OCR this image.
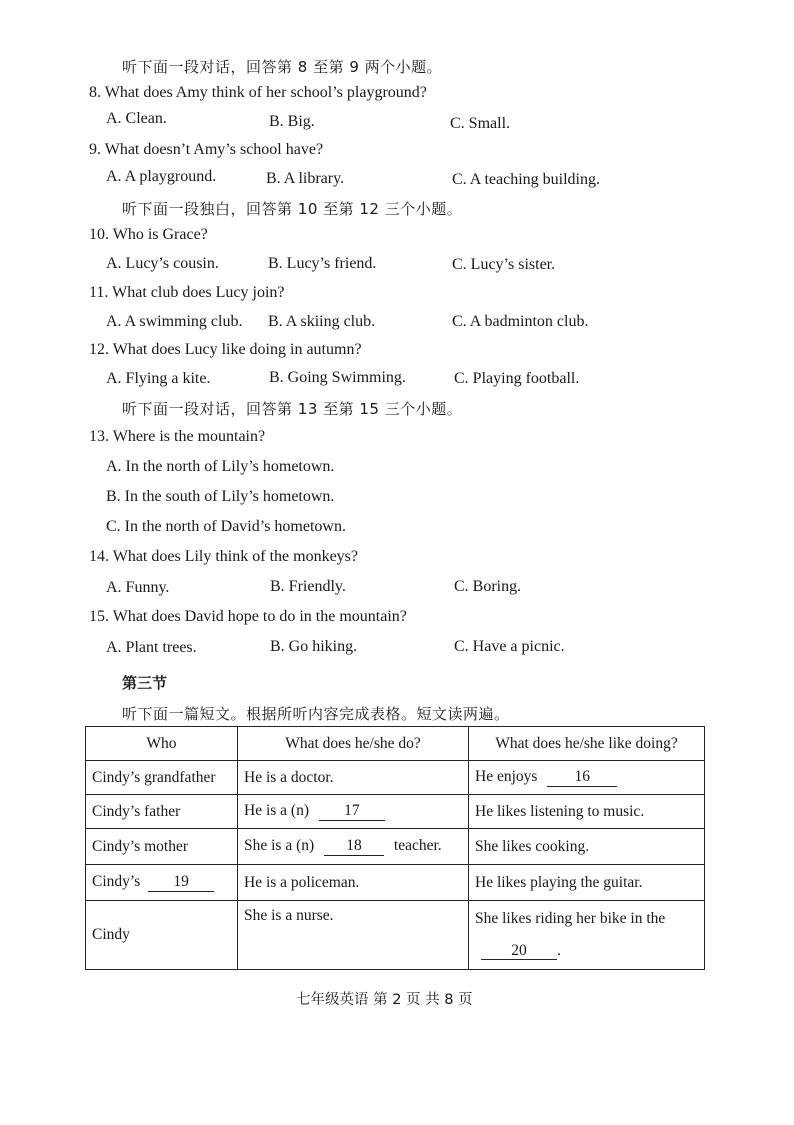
听下面一段对话，回答第 8 至第 9 两个小题。
8. What does Amy think of her school’s playground?
A. Clean.	B. Big.	C. Small.
9. What doesn’t Amy’s school have?
A. A playground.	B. A library.	C. A teaching building.
听下面一段独白，回答第 10 至第 12 三个小题。
10. Who is Grace?
A. Lucy’s cousin.	B. Lucy’s friend.	C. Lucy’s sister.
11. What club does Lucy join?
A. A swimming club. B. A skiing club.	C. A badminton club.
12. What does Lucy like doing in autumn?
A. Flying a kite.	B. Going Swimming.	C. Playing football.
听下面一段对话，回答第 13 至第 15 三个小题。
13. Where is the mountain?
A. In the north of Lily’s hometown.
B. In the south of Lily’s hometown.
C. In the north of David’s hometown.
14. What does Lily think of the monkeys?
A. Funny.	B. Friendly.	C. Boring.
15. What does David hope to do in the mountain?
A. Plant trees.	B. Go hiking.	C. Have a picnic.
第三节
听下面一篇短文。根据所听内容完成表格。短文读两遍。
Who	What does he/she do?	What does he/she like doing?
Cindy’s grandfather	He is a doctor.	He enjoys 16
Cindy’s father	He is a (n) 17	He likes listening to music.
Cindy’s mother	She is a (n) 18 teacher.	She likes cooking.
Cindy’s 19	He is a policeman.	He likes playing the guitar.
Cindy	She is a nurse.	She likes riding her bike in the
20 .
七年级英语 第 2 页 共 8 页
